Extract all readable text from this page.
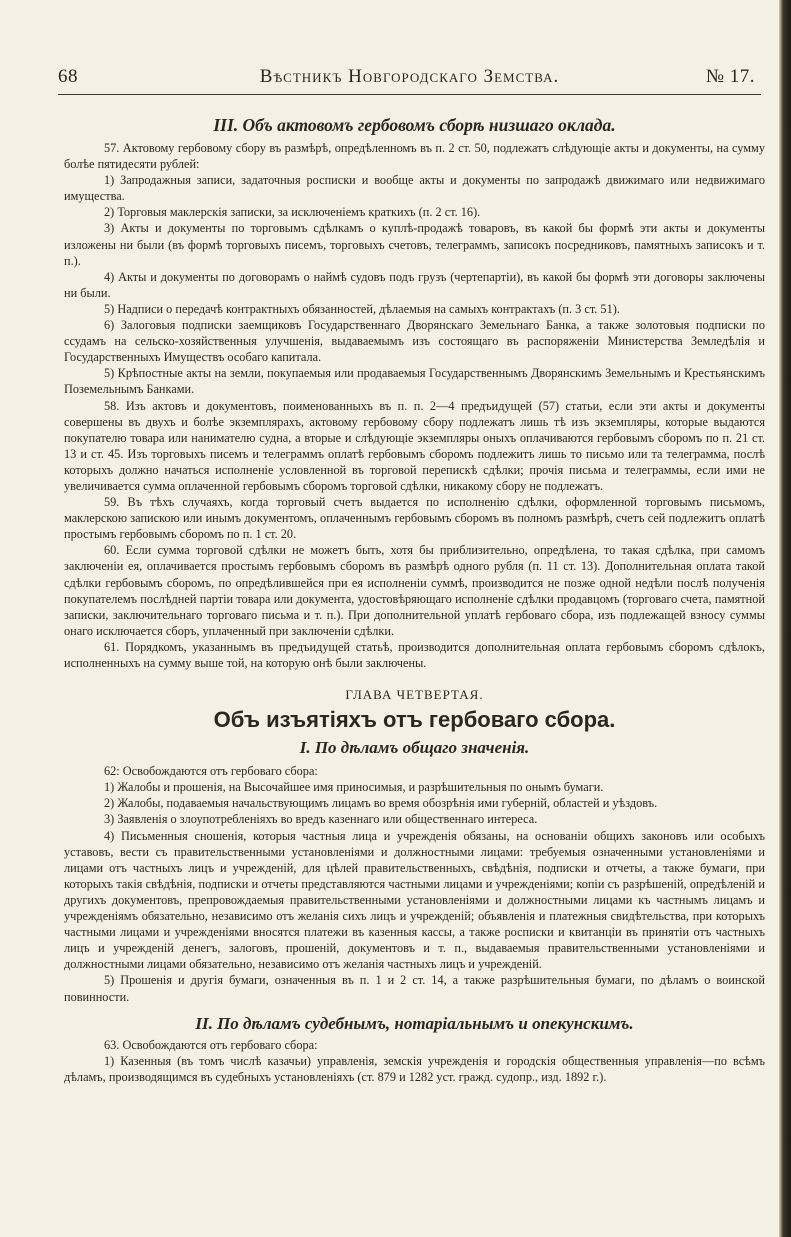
68	Вѣстникъ Новгородскаго Земства.	№ 17.
III. Объ актовомъ гербовомъ сборѣ низшаго оклада.

57. Актовому гербовому сбору въ размѣрѣ, опредѣленномъ въ п. 2 ст. 50, подлежатъ слѣдующіе акты и документы, на сумму болѣе пятидесяти рублей:

1) Запродажныя записи, задаточныя росписки и вообще акты и документы по запродажѣ движимаго или недвижимаго имущества.

2) Торговыя маклерскія записки, за исключеніемъ краткихъ (п. 2 ст. 16).

3) Акты и документы по торговымъ сдѣлкамъ о куплѣ-продажѣ товаровъ, въ какой бы формѣ эти акты и документы изложены ни были (въ формѣ торговыхъ писемъ, торговыхъ счетовъ, телеграммъ, записокъ посредниковъ, памятныхъ записокъ и т. п.).

4) Акты и документы по договорамъ о наймѣ судовъ подъ грузъ (чертепартіи), въ какой бы формѣ эти договоры заключены ни были.

5) Надписи о передачѣ контрактныхъ обязанностей, дѣлаемыя на самыхъ контрактахъ (п. 3 ст. 51).

6) Залоговыя подписки заемщиковъ Государственнаго Дворянскаго Земельнаго Банка, а также золотовыя подписки по ссудамъ на сельско-хозяйственныя улучшенія, выдаваемымъ изъ состоящаго въ распоряженіи Министерства Земледѣлія и Государственныхъ Имуществъ особаго капитала.

5) Крѣпостные акты на земли, покупаемыя или продаваемыя Государственнымъ Дворянскимъ Земельнымъ и Крестьянскимъ Поземельнымъ Банками.

58. Изъ актовъ и документовъ, поименованныхъ въ п. п. 2—4 предъидущей (57) статьи, если эти акты и документы совершены въ двухъ и болѣе экземплярахъ, актовому гербовому сбору подлежатъ лишь тѣ изъ экземпляры, которые выдаются покупателю товара или нанимателю судна, а вторые и слѣдующіе экземпляры оныхъ оплачиваются гербовымъ сборомъ по п. 21 ст. 13 и ст. 45. Изъ торговыхъ писемъ и телеграммъ оплатѣ гербовымъ сборомъ подлежитъ лишь то письмо или та телеграмма, послѣ которыхъ должно начаться исполненіе условленной въ торговой перепискѣ сдѣлки; прочія письма и телеграммы, если ими не увеличивается сумма оплаченной гербовымъ сборомъ торговой сдѣлки, никакому сбору не подлежатъ.

59. Въ тѣхъ случаяхъ, когда торговый счетъ выдается по исполненію сдѣлки, оформленной торговымъ письмомъ, маклерскою запискою или инымъ документомъ, оплаченнымъ гербовымъ сборомъ въ полномъ размѣрѣ, счетъ сей подлежитъ оплатѣ простымъ гербовымъ сборомъ по п. 1 ст. 20.

60. Если сумма торговой сдѣлки не можетъ быть, хотя бы приблизительно, опредѣлена, то такая сдѣлка, при самомъ заключеніи ея, оплачивается простымъ гербовымъ сборомъ въ размѣрѣ одного рубля (п. 11 ст. 13). Дополнительная оплата такой сдѣлки гербовымъ сборомъ, по опредѣлившейся при ея исполненіи суммѣ, производится не позже одной недѣли послѣ полученія покупателемъ послѣдней партіи товара или документа, удостовѣряющаго исполненіе сдѣлки продавцомъ (торговаго счета, памятной записки, заключительнаго торговаго письма и т. п.). При дополнительной уплатѣ гербоваго сбора, изъ подлежащей взносу суммы онаго исключается сборъ, уплаченный при заключеніи сдѣлки.

61. Порядкомъ, указаннымъ въ предъидущей статьѣ, производится дополнительная оплата гербовымъ сборомъ сдѣлокъ, исполненныхъ на сумму выше той, на которую онѣ были заключены.

ГЛАВА ЧЕТВЕРТАЯ.
Объ изъятіяхъ отъ гербоваго сбора.
I. По дѣламъ общаго значенія.

62: Освобождаются отъ гербоваго сбора:

1) Жалобы и прошенія, на Высочайшее имя приносимыя, и разрѣшительныя по онымъ бумаги.

2) Жалобы, подаваемыя начальствующимъ лицамъ во время обозрѣнія ими губерній, областей и уѣздовъ.

3) Заявленія о злоупотребленіяхъ во вредъ казеннаго или общественнаго интереса.

4) Письменныя сношенія, которыя частныя лица и учрежденія обязаны, на основаніи общихъ законовъ или особыхъ уставовъ, вести съ правительственными установленіями и должностными лицами: требуемыя означенными установленіями и лицами отъ частныхъ лицъ и учрежденій, для цѣлей правительственныхъ, свѣдѣнія, подписки и отчеты, а также бумаги, при которыхъ такія свѣдѣнія, подписки и отчеты представляются частными лицами и учрежденіями; копіи съ разрѣшеній, опредѣленій и другихъ документовъ, препровождаемыя правительственными установленіями и должностными лицами къ частнымъ лицамъ и учрежденіямъ обязательно, независимо отъ желанія сихъ лицъ и учрежденій; объявленія и платежныя свидѣтельства, при которыхъ частными лицами и учрежденіями вносятся платежи въ казенныя кассы, а также росписки и квитанціи въ принятіи отъ частныхъ лицъ и учрежденій денегъ, залоговъ, прошеній, документовъ и т. п., выдаваемыя правительственными установленіями и должностными лицами обязательно, независимо отъ желанія частныхъ лицъ и учрежденій.

5) Прошенія и другія бумаги, означенныя въ п. 1 и 2 ст. 14, а также разрѣшительныя бумаги, по дѣламъ о воинской повинности.

II. По дѣламъ судебнымъ, нотаріальнымъ и опекунскимъ.

63. Освобождаются отъ гербоваго сбора:

1) Казенныя (въ томъ числѣ казачьи) управленія, земскія учрежденія и городскія общественныя управленія—по всѣмъ дѣламъ, производящимся въ судебныхъ установленіяхъ (ст. 879 и 1282 уст. гражд. судопр., изд. 1892 г.).
